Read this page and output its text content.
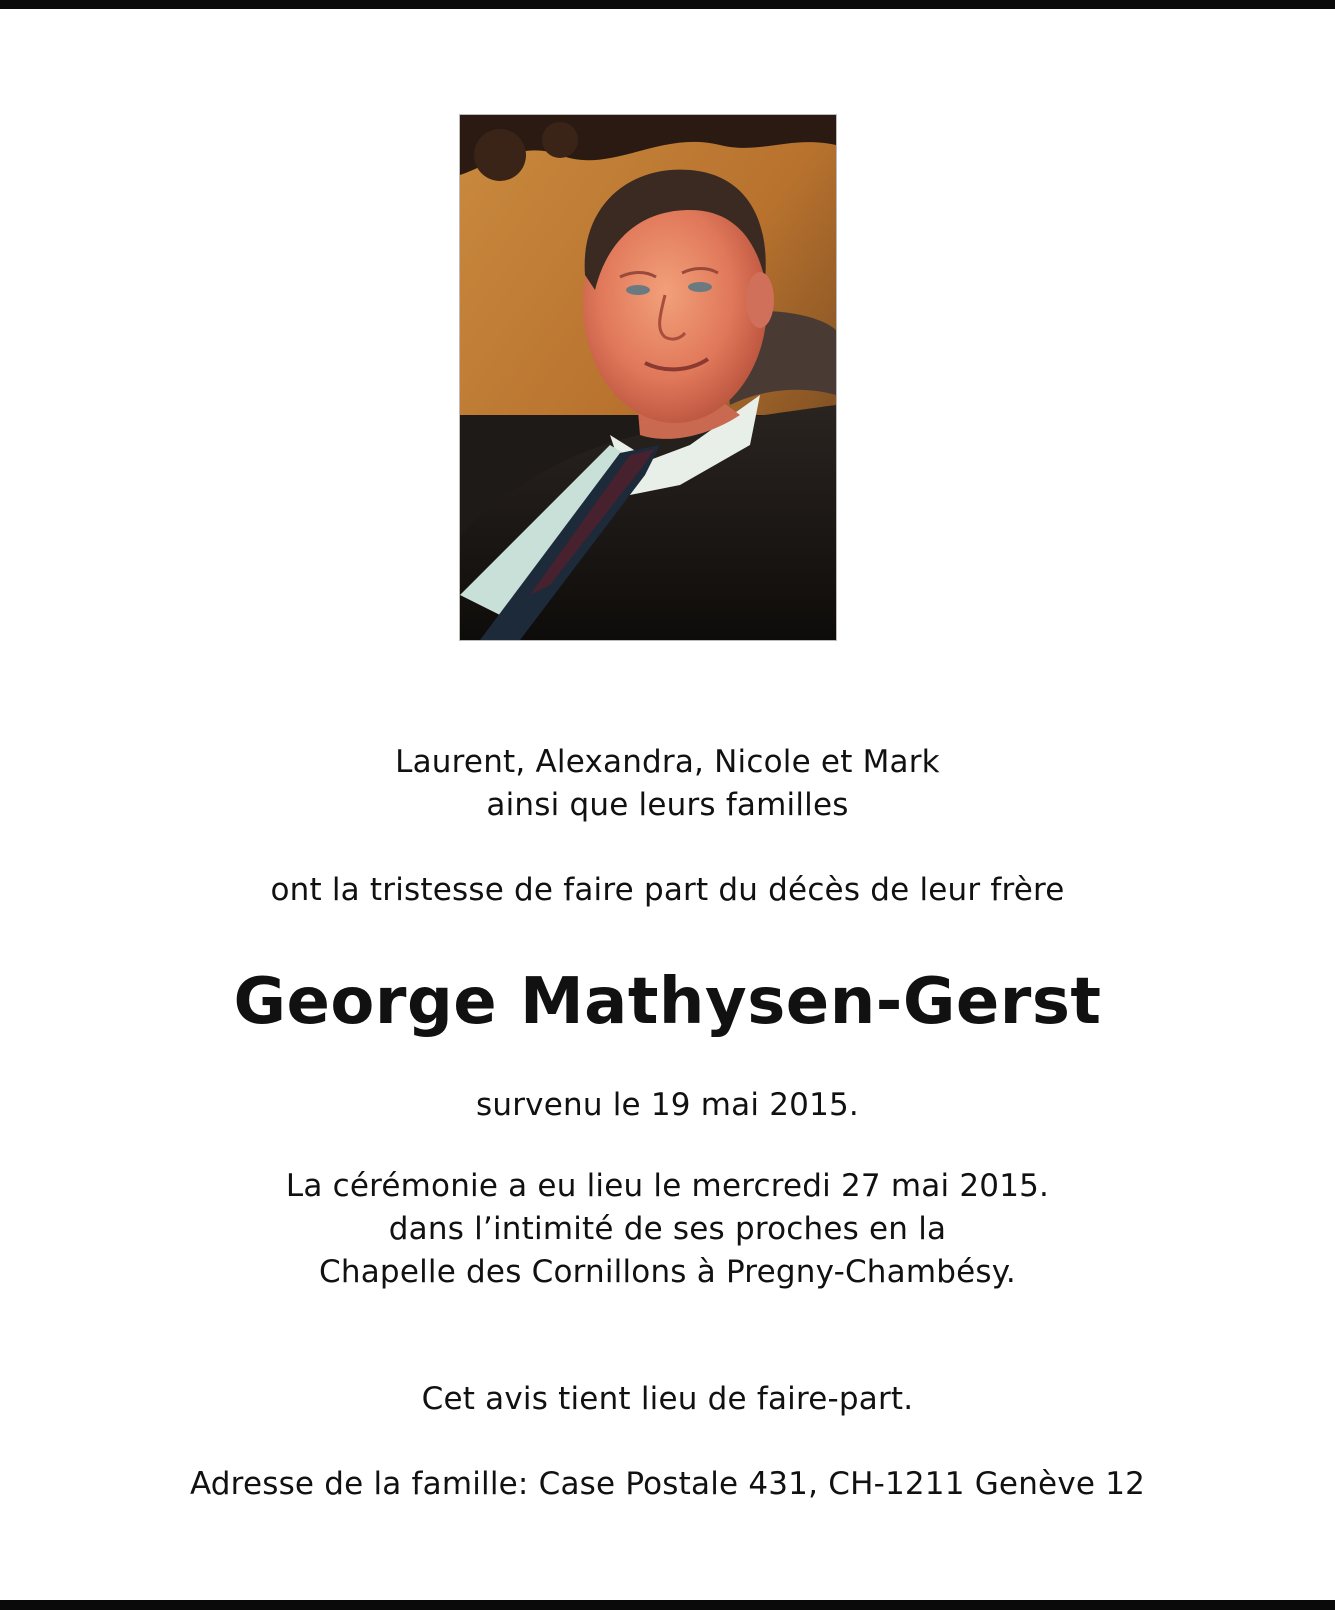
Laurent, Alexandra, Nicole et Mark
ainsi que leurs familles
ont la tristesse de faire part du décès de leur frère
George Mathysen-Gerst
survenu le 19 mai 2015.
La cérémonie a eu lieu le mercredi 27 mai 2015.
dans l’intimité de ses proches en la
Chapelle des Cornillons à Pregny-Chambésy.
Cet avis tient lieu de faire-part.
Adresse de la famille: Case Postale 431, CH-1211 Genève 12
